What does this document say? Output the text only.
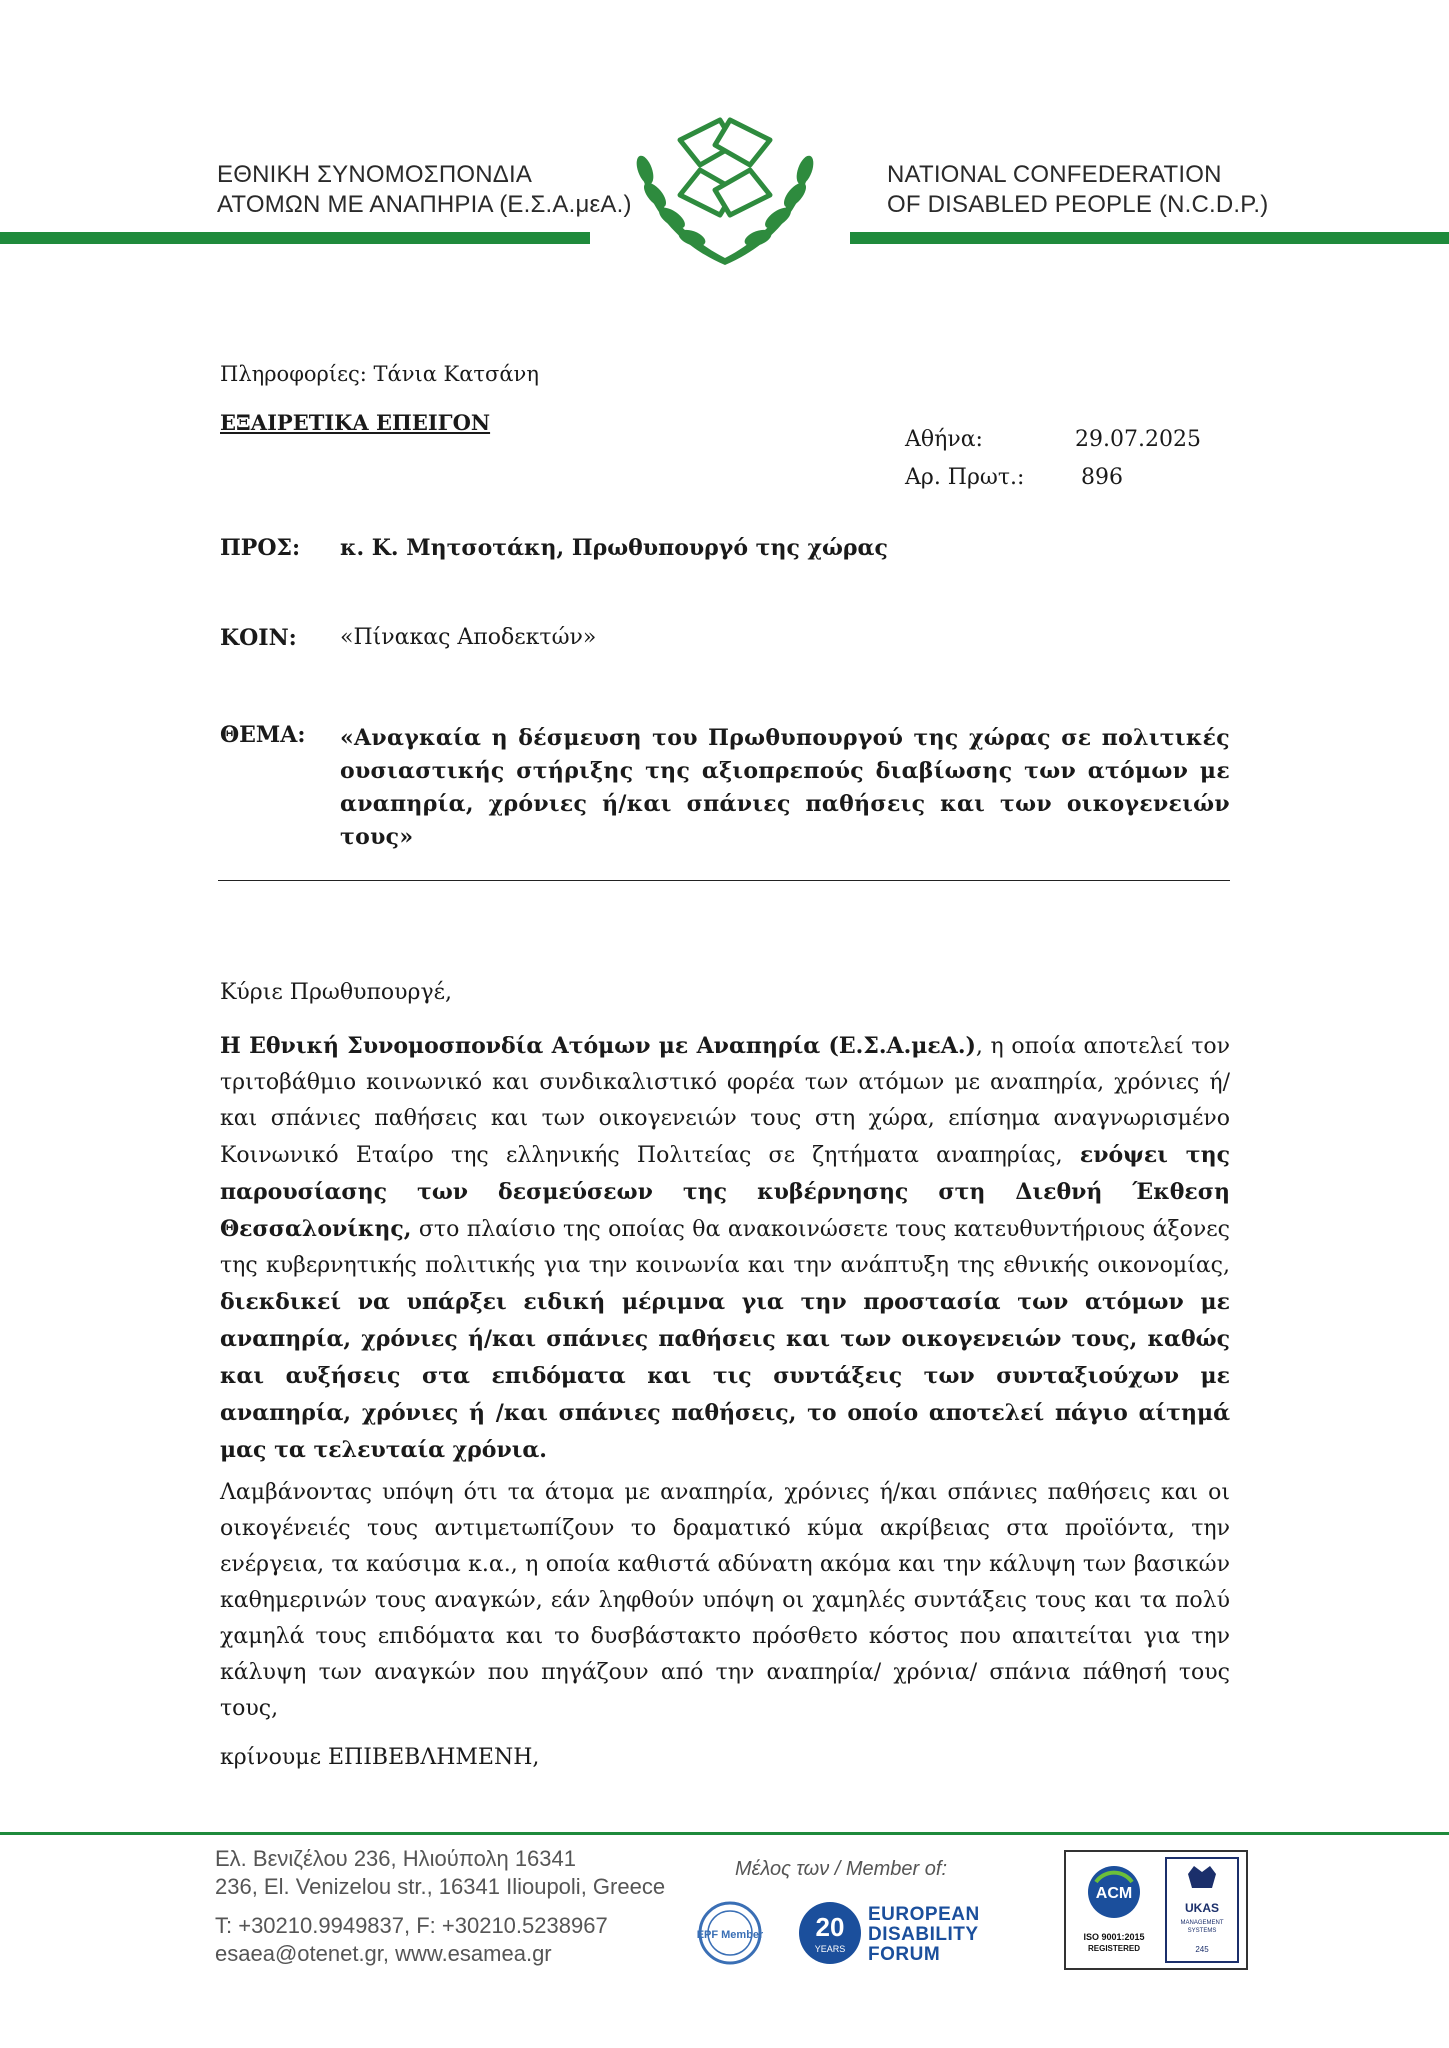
ΕΘΝΙΚΗ ΣΥΝΟΜΟΣΠΟΝΔΙΑ
ΑΤΟΜΩΝ ΜΕ ΑΝΑΠΗΡΙΑ (Ε.Σ.Α.μεΑ.)
NATIONAL CONFEDERATION
OF DISABLED PEOPLE (N.C.D.P.)
Πληροφορίες: Τάνια Κατσάνη
ΕΞΑΙΡΕΤΙΚΑ ΕΠΕΙΓΟΝ
Αθήνα:	29.07.2025
Αρ. Πρωτ.:	896
ΠΡΟΣ: κ. Κ. Μητσοτάκη, Πρωθυπουργό της χώρας
ΚΟΙΝ: «Πίνακας Αποδεκτών»
ΘΕΜΑ: «Αναγκαία η δέσμευση του Πρωθυπουργού της χώρας σε πολιτικές ουσιαστικής στήριξης της αξιοπρεπούς διαβίωσης των ατόμων με αναπηρία, χρόνιες ή/και σπάνιες παθήσεις και των οικογενειών τους»
Κύριε Πρωθυπουργέ,
Η Εθνική Συνομοσπονδία Ατόμων με Αναπηρία (Ε.Σ.Α.μεΑ.), η οποία αποτελεί τον τριτοβάθμιο κοινωνικό και συνδικαλιστικό φορέα των ατόμων με αναπηρία, χρόνιες ή/και σπάνιες παθήσεις και των οικογενειών τους στη χώρα, επίσημα αναγνωρισμένο Κοινωνικό Εταίρο της ελληνικής Πολιτείας σε ζητήματα αναπηρίας, ενόψει της παρουσίασης των δεσμεύσεων της κυβέρνησης στη Διεθνή Έκθεση Θεσσαλονίκης, στο πλαίσιο της οποίας θα ανακοινώσετε τους κατευθυντήριους άξονες της κυβερνητικής πολιτικής για την κοινωνία και την ανάπτυξη της εθνικής οικονομίας, διεκδικεί να υπάρξει ειδική μέριμνα για την προστασία των ατόμων με αναπηρία, χρόνιες ή/και σπάνιες παθήσεις και των οικογενειών τους, καθώς και αυξήσεις στα επιδόματα και τις συντάξεις των συνταξιούχων με αναπηρία, χρόνιες ή /και σπάνιες παθήσεις, το οποίο αποτελεί πάγιο αίτημά μας τα τελευταία χρόνια.
Λαμβάνοντας υπόψη ότι τα άτομα με αναπηρία, χρόνιες ή/και σπάνιες παθήσεις και οι οικογένειές τους αντιμετωπίζουν το δραματικό κύμα ακρίβειας στα προϊόντα, την ενέργεια, τα καύσιμα κ.α., η οποία καθιστά αδύνατη ακόμα και την κάλυψη των βασικών καθημερινών τους αναγκών, εάν ληφθούν υπόψη οι χαμηλές συντάξεις τους και τα πολύ χαμηλά τους επιδόματα και το δυσβάστακτο πρόσθετο κόστος που απαιτείται για την κάλυψη των αναγκών που πηγάζουν από την αναπηρία/ χρόνια/ σπάνια πάθησή τους τους,
κρίνουμε ΕΠΙΒΕΒΛΗΜΕΝΗ,
Ελ. Βενιζέλου 236, Ηλιούπολη 16341
236, El. Venizelou str., 16341 Ilioupoli, Greece
T: +30210.9949837, F: +30210.5238967
esaea@otenet.gr, www.esamea.gr
Μέλος των / Member of:
EPF Member 20
YEARS
EUROPEAN
DISABILITY
FORUM
ACM
ISO 9001:2015
REGISTERED
UKAS
MANAGEMENT
SYSTEMS
245
